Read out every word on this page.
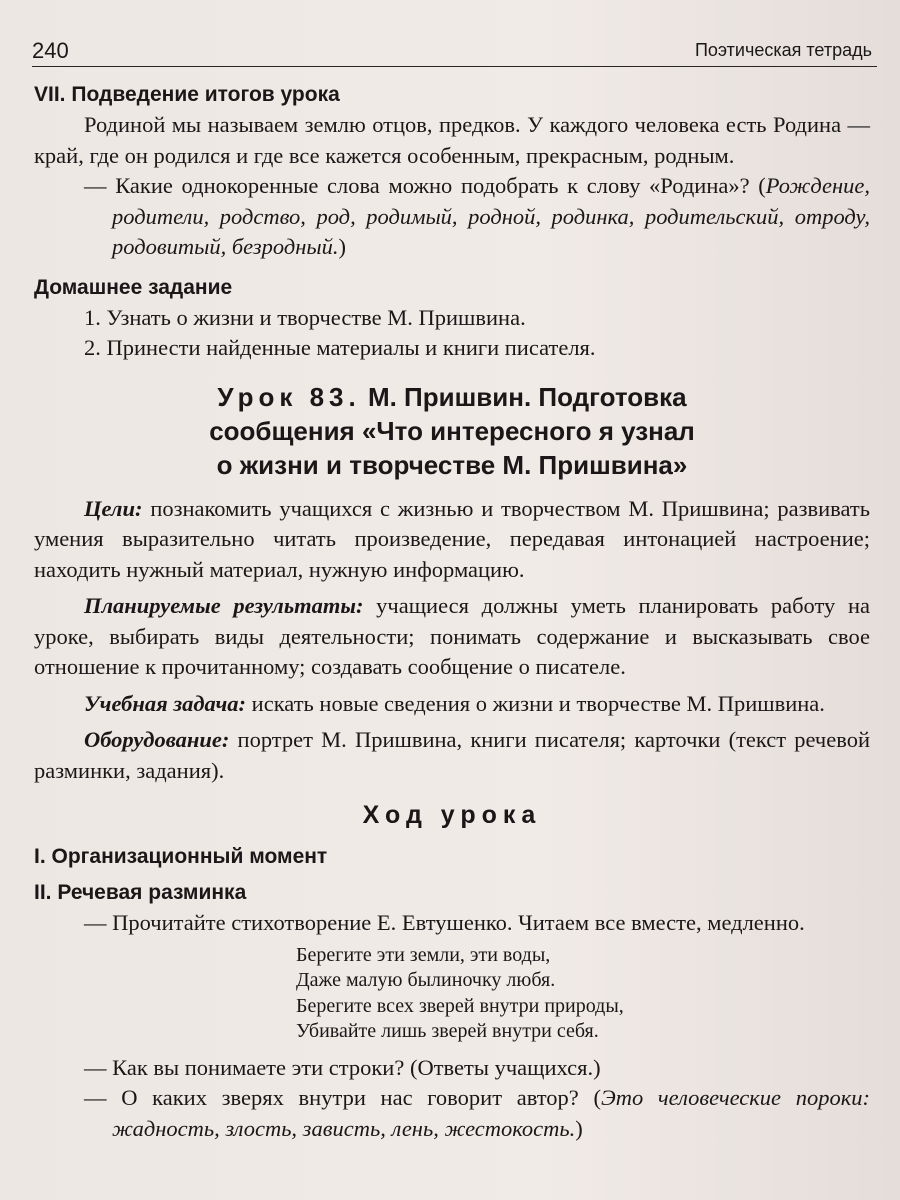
240	Поэтическая тетрадь
VII. Подведение итогов урока

Родиной мы называем землю отцов, предков. У каждого человека есть Родина — край, где он родился и где все кажется особенным, прекрасным, родным.

— Какие однокоренные слова можно подобрать к слову «Родина»? (Рождение, родители, родство, род, родимый, родной, родинка, родительский, отроду, родовитый, безродный.)

Домашнее задание

1. Узнать о жизни и творчестве М. Пришвина.

2. Принести найденные материалы и книги писателя.

Урок 83. М. Пришвин. Подготовка
сообщения «Что интересного я узнал
о жизни и творчестве М. Пришвина»

Цели: познакомить учащихся с жизнью и творчеством М. Пришвина; развивать умения выразительно читать произведение, передавая интонацией настроение; находить нужный материал, нужную информацию.

Планируемые результаты: учащиеся должны уметь планировать работу на уроке, выбирать виды деятельности; понимать содержание и высказывать свое отношение к прочитанному; создавать сообщение о писателе.

Учебная задача: искать новые сведения о жизни и творчестве М. Пришвина.

Оборудование: портрет М. Пришвина, книги писателя; карточки (текст речевой разминки, задания).

Ход урока
I. Организационный момент
II. Речевая разминка

— Прочитайте стихотворение Е. Евтушенко. Читаем все вместе, медленно.

Берегите эти земли, эти воды,
Даже малую былиночку любя.
Берегите всех зверей внутри природы,
Убивайте лишь зверей внутри себя.

— Как вы понимаете эти строки? (Ответы учащихся.)

— О каких зверях внутри нас говорит автор? (Это человеческие пороки: жадность, злость, зависть, лень, жестокость.)
